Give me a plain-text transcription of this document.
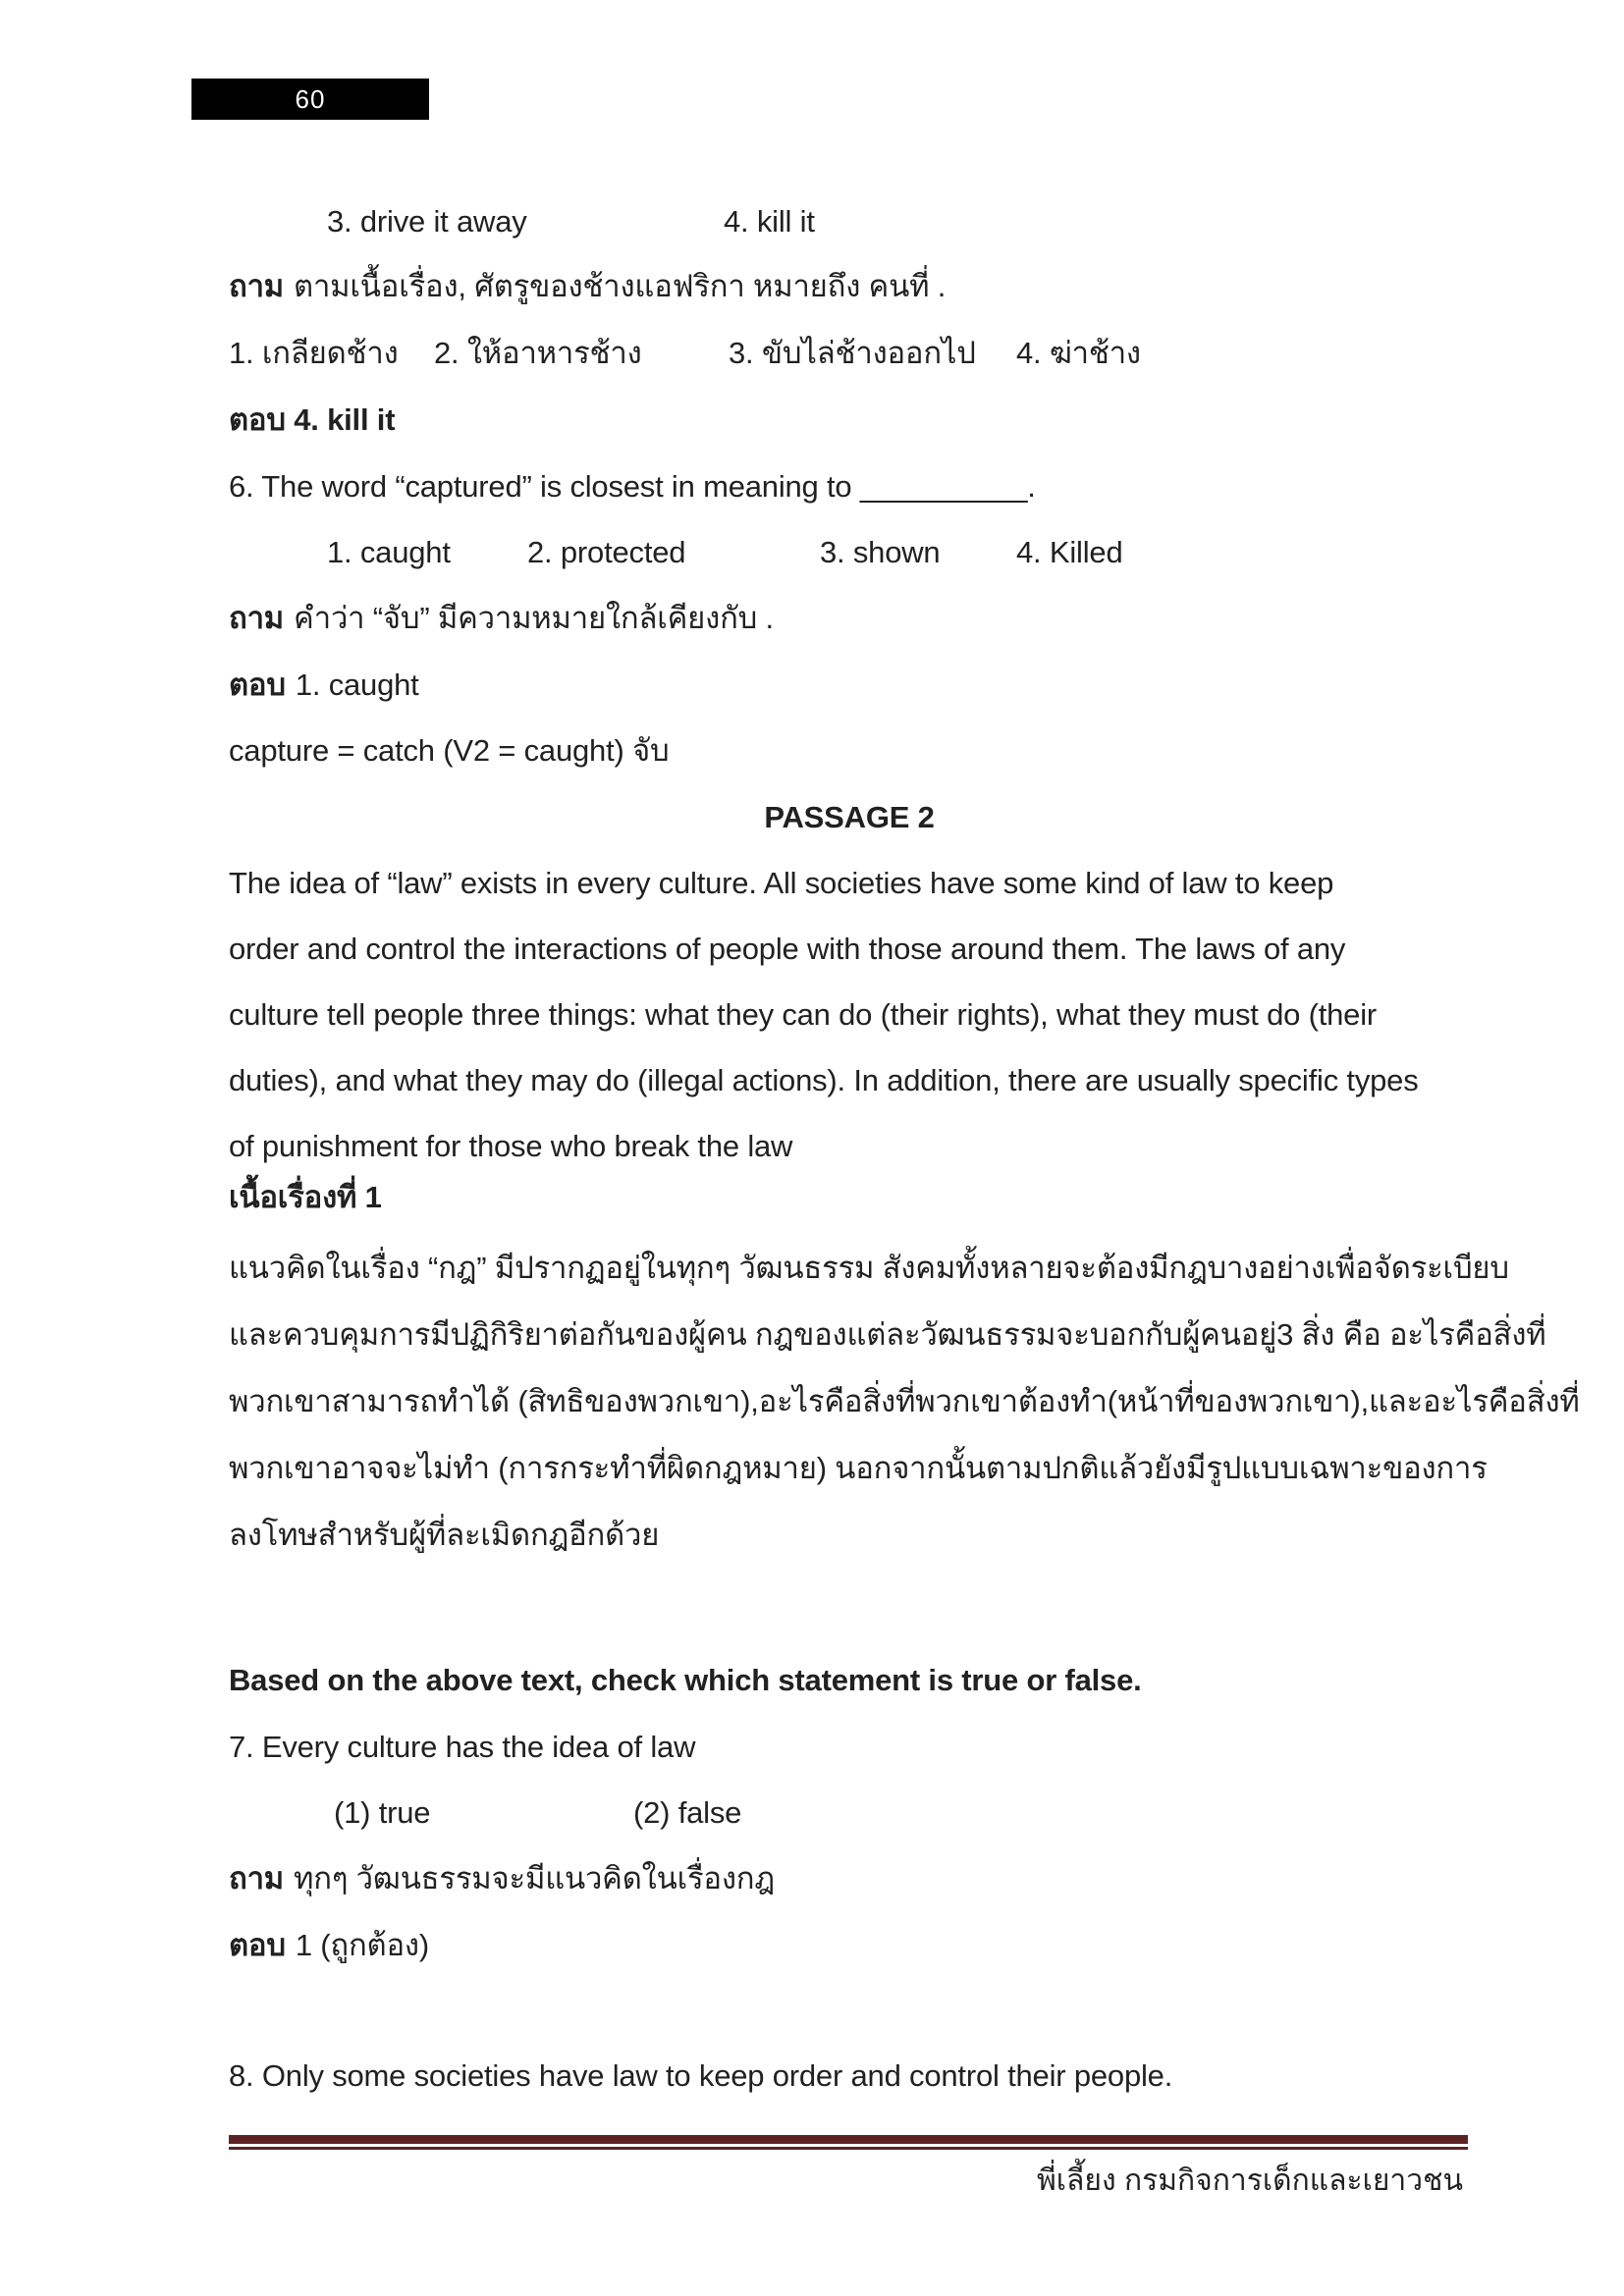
60
3. drive it away	4. kill it
ถาม ตามเนื้อเรื่อง, ศัตรูของช้างแอฟริกา หมายถึง คนที่ .
1. เกลียดช้าง 2. ให้อาหารช้าง	3. ขับไล่ช้างออกไป 4. ฆ่าช้าง
ตอบ 4. kill it
6. The word “captured” is closest in meaning to __________.
1. caught	2. protected	3. shown	4. Killed
ถาม คำว่า “จับ” มีความหมายใกล้เคียงกับ .
ตอบ 1. caught
capture = catch (V2 = caught) จับ
PASSAGE 2
The idea of “law” exists in every culture. All societies have some kind of law to keep
order and control the interactions of people with those around them. The laws of any
culture tell people three things: what they can do (their rights), what they must do (their
duties), and what they may do (illegal actions). In addition, there are usually specific types
of punishment for those who break the law
เนื้อเรื่องที่ 1
แนวคิดในเรื่อง “กฎ” มีปรากฏอยู่ในทุกๆ วัฒนธรรม สังคมทั้งหลายจะต้องมีกฎบางอย่างเพื่อจัดระเบียบ
และควบคุมการมีปฏิกิริยาต่อกันของผู้คน กฎของแต่ละวัฒนธรรมจะบอกกับผู้คนอยู่3 สิ่ง คือ อะไรคือสิ่งที่
พวกเขาสามารถทำได้ (สิทธิของพวกเขา),อะไรคือสิ่งที่พวกเขาต้องทำ(หน้าที่ของพวกเขา),และอะไรคือสิ่งที่
พวกเขาอาจจะไม่ทำ (การกระทำที่ผิดกฎหมาย) นอกจากนั้นตามปกติแล้วยังมีรูปแบบเฉพาะของการ
ลงโทษสำหรับผู้ที่ละเมิดกฎอีกด้วย
Based on the above text, check which statement is true or false.
7. Every culture has the idea of law
(1) true	(2) false
ถาม ทุกๆ วัฒนธรรมจะมีแนวคิดในเรื่องกฎ
ตอบ 1 (ถูกต้อง)
8. Only some societies have law to keep order and control their people.
พี่เลี้ยง กรมกิจการเด็กและเยาวชน
